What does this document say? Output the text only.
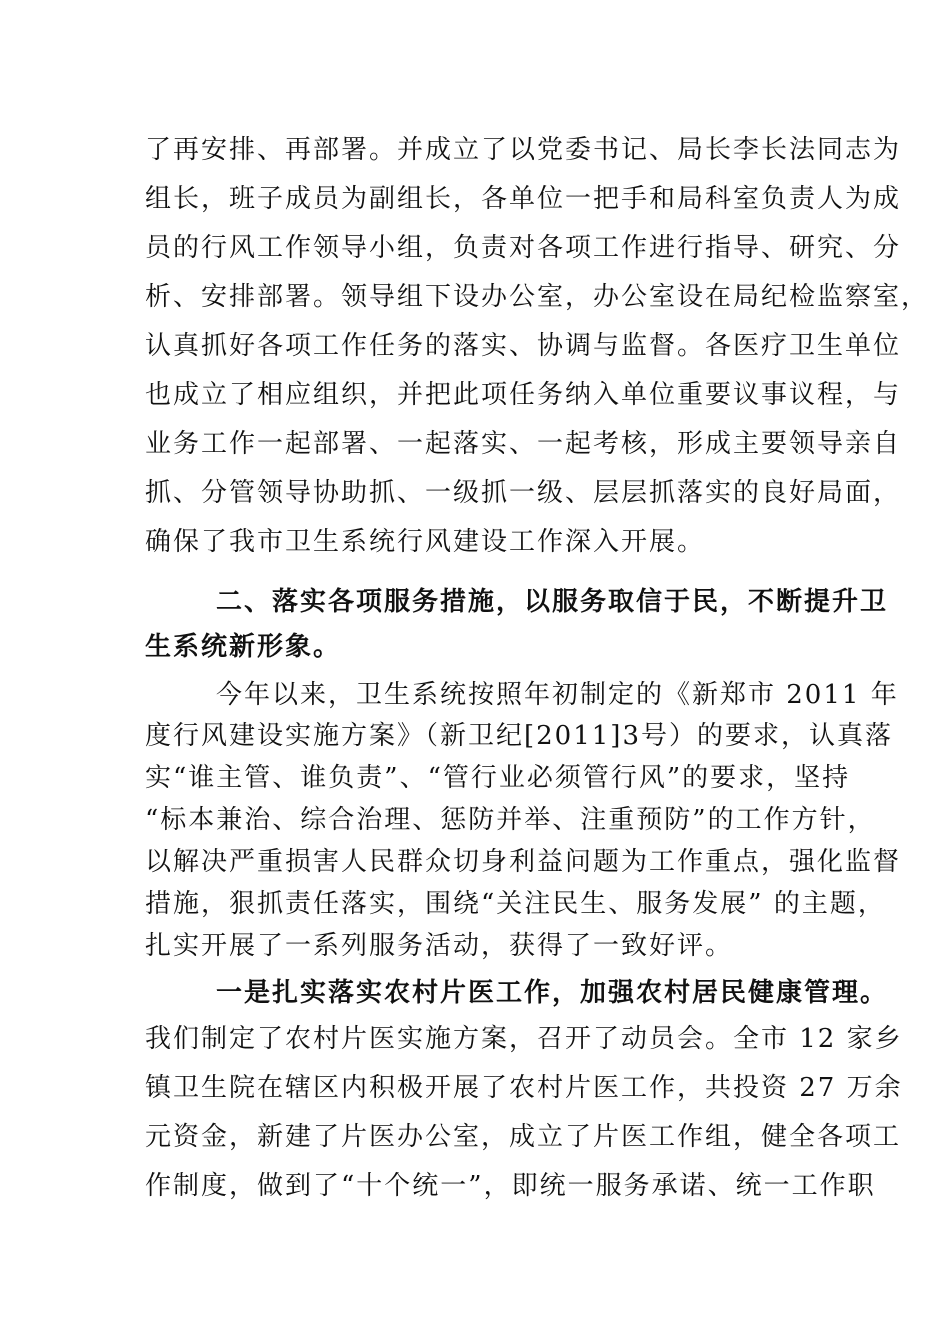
了再安排、再部署。并成立了以党委书记、局长李长法同志为
组长，班子成员为副组长，各单位一把手和局科室负责人为成
员的行风工作领导小组，负责对各项工作进行指导、研究、分
析、安排部署。领导组下设办公室，办公室设在局纪检监察室，
认真抓好各项工作任务的落实、协调与监督。各医疗卫生单位
也成立了相应组织，并把此项任务纳入单位重要议事议程，与
业务工作一起部署、一起落实、一起考核，形成主要领导亲自
抓、分管领导协助抓、一级抓一级、层层抓落实的良好局面，
确保了我市卫生系统行风建设工作深入开展。
二、落实各项服务措施，以服务取信于民，不断提升卫
生系统新形象。
今年以来，卫生系统按照年初制定的《新郑市 2011 年
度行风建设实施方案》（新卫纪[2011]3号）的要求，认真落
实“谁主管、谁负责”、“管行业必须管行风”的要求，坚持
“标本兼治、综合治理、惩防并举、注重预防”的工作方针，
以解决严重损害人民群众切身利益问题为工作重点，强化监督
措施，狠抓责任落实，围绕“关注民生、服务发展” 的主题，
扎实开展了一系列服务活动，获得了一致好评。
一是扎实落实农村片医工作，加强农村居民健康管理。
我们制定了农村片医实施方案，召开了动员会。全市 12 家乡
镇卫生院在辖区内积极开展了农村片医工作，共投资 27 万余
元资金，新建了片医办公室，成立了片医工作组，健全各项工
作制度，做到了“十个统一”，即统一服务承诺、统一工作职
